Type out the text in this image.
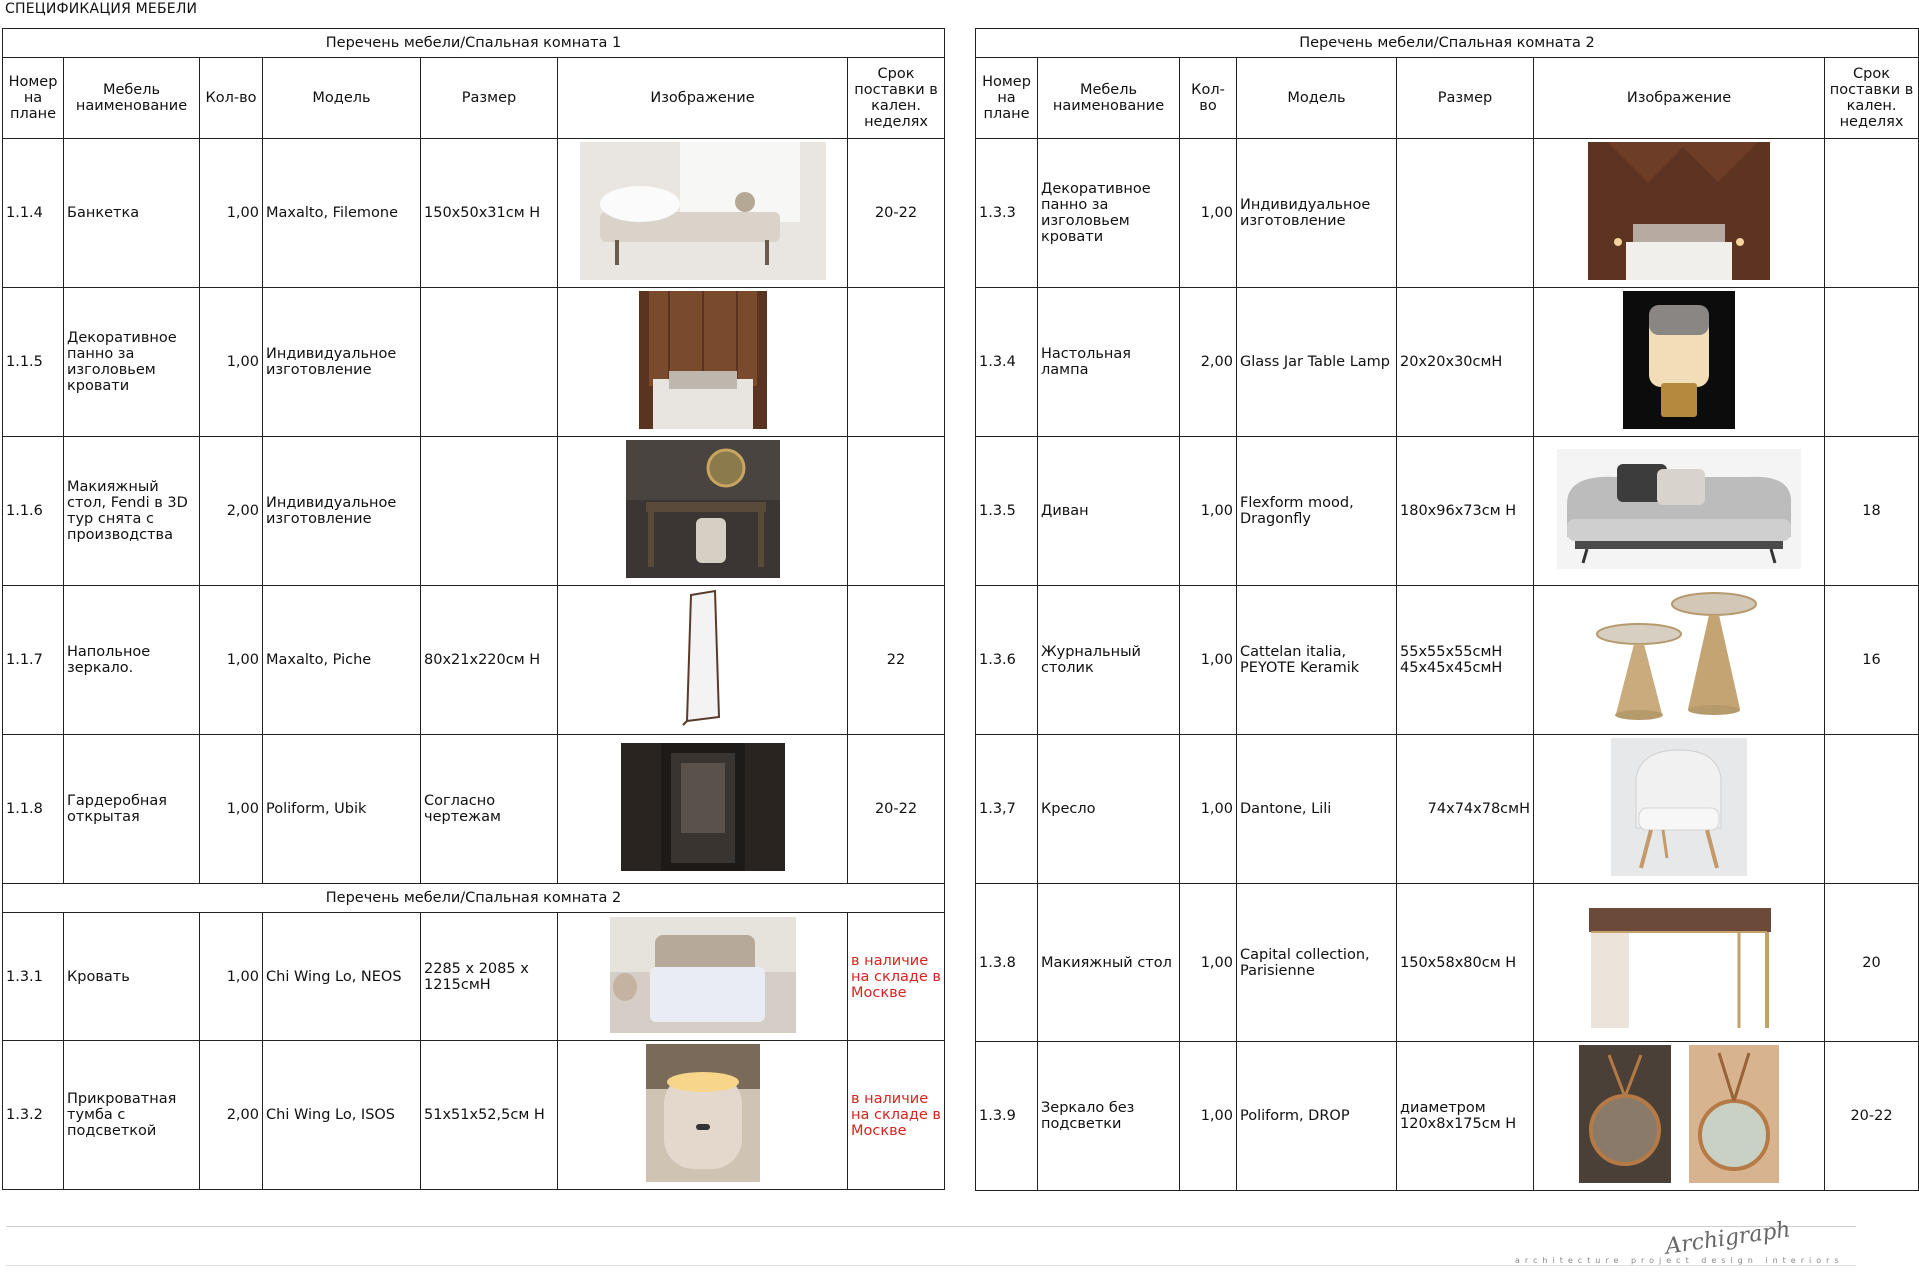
СПЕЦИФИКАЦИЯ МЕБЕЛИ
Перечень мебели/Спальная комната 1						
Номер на плане	Мебель наименование	Кол-во	Модель	Размер	Изображение	Срок поставки в кален. неделях
1.1.4	Банкетка	1,00	Maxalto, Filemone	150x50x31см Н		20-22
1.1.5	Декоративное панно за изголовьем кровати	1,00	Индивидуальное изготовление			
1.1.6	Макияжный стол, Fendi в 3D тур снята с производства	2,00	Индивидуальное изготовление			
1.1.7	Напольное зеркало.	1,00	Maxalto, Piche	80x21x220см Н		22
1.1.8	Гардеробная открытая	1,00	Poliform, Ubik	Согласно чертежам		20-22
Перечень мебели/Спальная комната 2						
1.3.1	Кровать	1,00	Chi Wing Lo, NEOS	2285 x 2085 x 1215смН		в наличие на складе в Москве
1.3.2	Прикроватная тумба с подсветкой	2,00	Chi Wing Lo, ISOS	51x51x52,5см Н		в наличие на складе в Москве
Перечень мебели/Спальная комната 2						
Номер на плане	Мебель наименование	Кол-во	Модель	Размер	Изображение	Срок поставки в кален. неделях
1.3.3	Декоративное панно за изголовьем кровати	1,00	Индивидуальное изготовление			
1.3.4	Настольная лампа	2,00	Glass Jar Table Lamp	20x20x30смН		
1.3.5	Диван	1,00	Flexform mood, Dragonfly	180x96x73см Н		18
1.3.6	Журнальный столик	1,00	Cattelan italia, PEYOTE Keramik	55x55x55смН 45x45x45смН		16
1.3,7	Кресло	1,00	Dantone, Lili	74x74x78смН		
1.3.8	Макияжный стол	1,00	Capital collection, Parisienne	150x58x80см Н		20
1.3.9	Зеркало без подсветки	1,00	Poliform, DROP	диаметром 120x8x175см Н		20-22
Archigraph
architecture project design interiors
